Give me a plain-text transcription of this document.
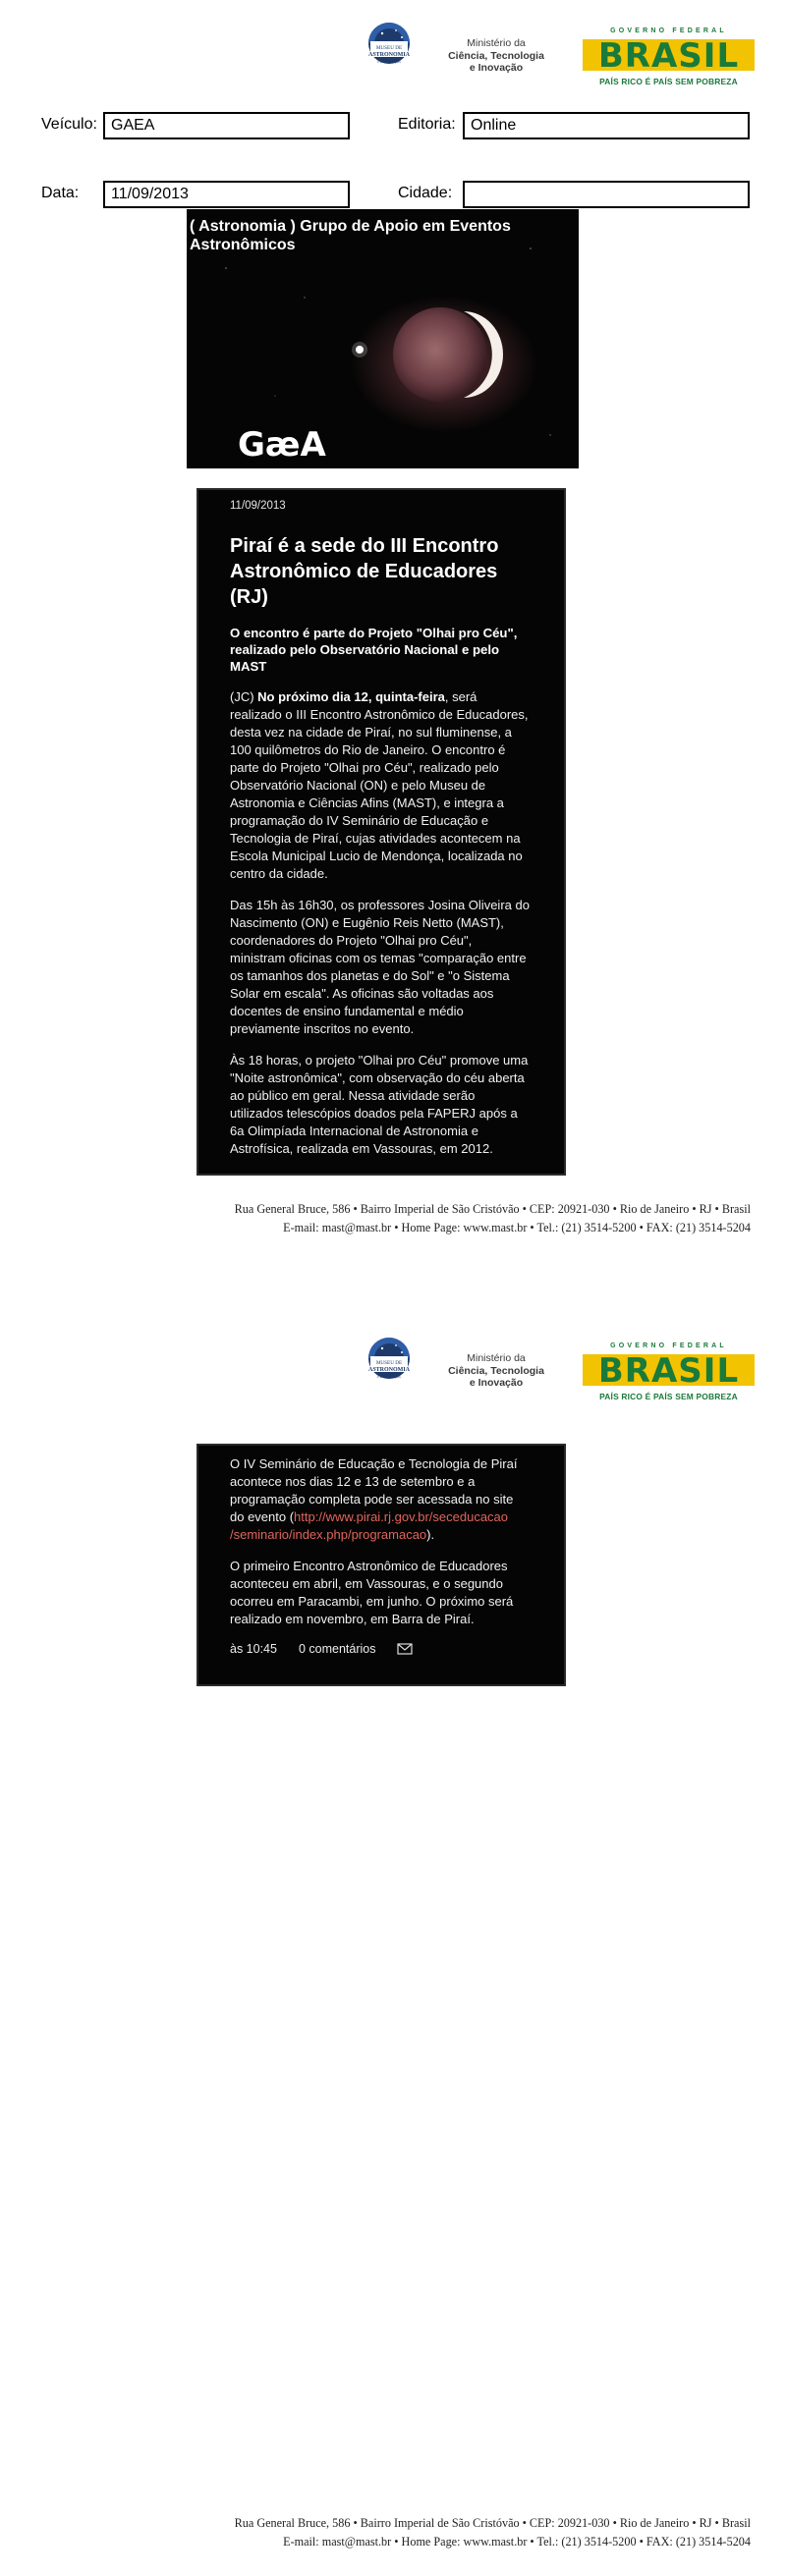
MUSEU DE
ASTRONOMIA
e ciências afins
Ministério da
Ciência, Tecnologia
e Inovação
GOVERNO FEDERAL
BRASIL
PAÍS RICO É PAÍS SEM POBREZA
Veículo: GAEA	Editoria: Online
Data:	11/09/2013	Cidade:
( Astronomia ) Grupo de Apoio em Eventos Astronômicos
GæA
11/09/2013
Piraí é a sede do III Encontro Astronômico de Educadores (RJ)
O encontro é parte do Projeto "Olhai pro Céu", realizado pelo Observatório Nacional e pelo MAST
(JC) No próximo dia 12, quinta-feira, será realizado o III Encontro Astronômico de Educadores, desta vez na cidade de Piraí, no sul fluminense, a 100 quilômetros do Rio de Janeiro. O encontro é parte do Projeto "Olhai pro Céu", realizado pelo Observatório Nacional (ON) e pelo Museu de Astronomia e Ciências Afins (MAST), e integra a programação do IV Seminário de Educação e Tecnologia de Piraí, cujas atividades acontecem na Escola Municipal Lucio de Mendonça, localizada no centro da cidade.
Das 15h às 16h30, os professores Josina Oliveira do Nascimento (ON) e Eugênio Reis Netto (MAST), coordenadores do Projeto "Olhai pro Céu", ministram oficinas com os temas "comparação entre os tamanhos dos planetas e do Sol" e "o Sistema Solar em escala". As oficinas são voltadas aos docentes de ensino fundamental e médio previamente inscritos no evento.
Às 18 horas, o projeto "Olhai pro Céu" promove uma "Noite astronômica", com observação do céu aberta ao público em geral. Nessa atividade serão utilizados telescópios doados pela FAPERJ após a 6a Olimpíada Internacional de Astronomia e Astrofísica, realizada em Vassouras, em 2012.
Rua General Bruce, 586 • Bairro Imperial de São Cristóvão • CEP: 20921-030 • Rio de Janeiro • RJ • Brasil
E-mail: mast@mast.br • Home Page: www.mast.br • Tel.: (21) 3514-5200 • FAX: (21) 3514-5204
MUSEU DE
ASTRONOMIA
e ciências afins
Ministério da
Ciência, Tecnologia
e Inovação
GOVERNO FEDERAL
BRASIL
PAÍS RICO É PAÍS SEM POBREZA
O IV Seminário de Educação e Tecnologia de Piraí acontece nos dias 12 e 13 de setembro e a programação completa pode ser acessada no site do evento (http://www.pirai.rj.gov.br/seceducacao /seminario/index.php/programacao).
O primeiro Encontro Astronômico de Educadores aconteceu em abril, em Vassouras, e o segundo ocorreu em Paracambi, em junho. O próximo será realizado em novembro, em Barra de Piraí.
às 10:45 0 comentários
Rua General Bruce, 586 • Bairro Imperial de São Cristóvão • CEP: 20921-030 • Rio de Janeiro • RJ • Brasil
E-mail: mast@mast.br • Home Page: www.mast.br • Tel.: (21) 3514-5200 • FAX: (21) 3514-5204
